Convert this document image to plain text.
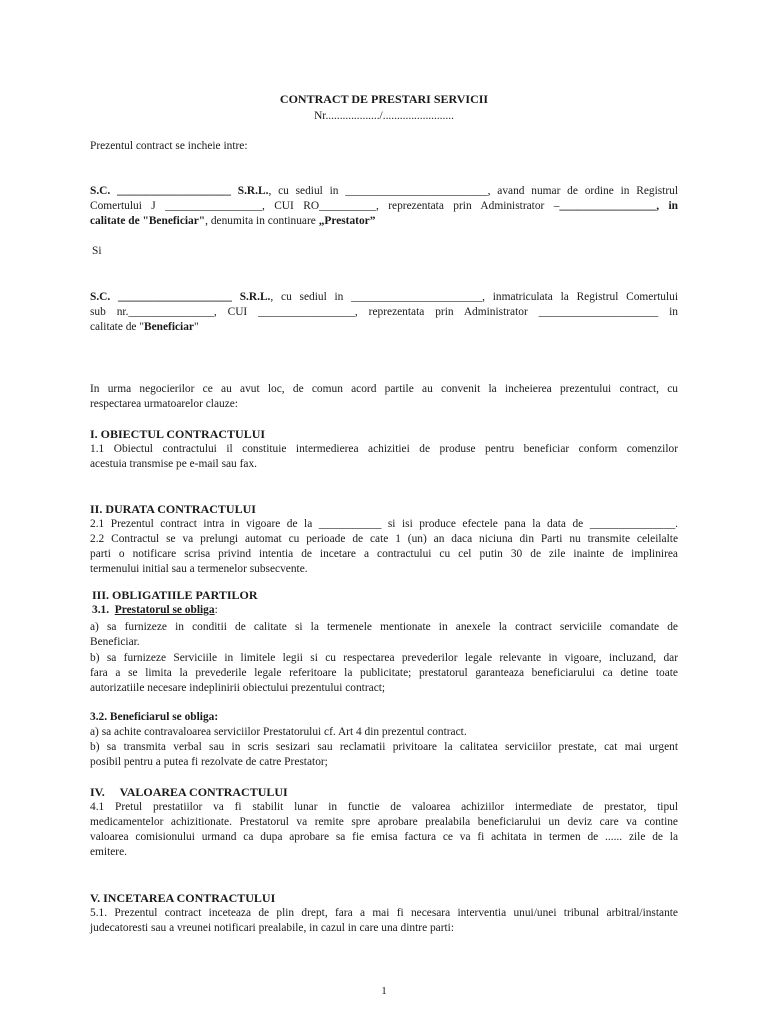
CONTRACT DE PRESTARI SERVICII
Nr.................../.........................
Prezentul contract se incheie intre:
S.C. ____________________ S.R.L., cu sediul in _________________________, avand numar de ordine in Registrul
Comertului J _________________, CUI RO__________, reprezentata prin Administrator –_________________, in
calitate de "Beneficiar", denumita in continuare „Prestator”
Si
S.C. ____________________ S.R.L., cu sediul in _______________________, inmatriculata la Registrul Comertului
sub nr._______________, CUI _________________, reprezentata prin Administrator _____________________ in
calitate de "Beneficiar"
In urma negocierilor ce au avut loc, de comun acord partile au convenit la incheierea prezentului contract, cu
respectarea urmatoarelor clauze:
I. OBIECTUL CONTRACTULUI
1.1 Obiectul contractului il constituie intermedierea achizitiei de produse pentru beneficiar conform comenzilor
acestuia transmise pe e-mail sau fax.
II. DURATA CONTRACTULUI
2.1 Prezentul contract intra in vigoare de la ___________ si isi produce efectele pana la data de _______________.
2.2 Contractul se va prelungi automat cu perioade de cate 1 (un) an daca niciuna din Parti nu transmite celeilalte
parti o notificare scrisa privind intentia de incetare a contractului cu cel putin 30 de zile inainte de implinirea
termenului initial sau a termenelor subsecvente.
III. OBLIGATIILE PARTILOR
3.1. Prestatorul se obliga:
a) sa furnizeze in conditii de calitate si la termenele mentionate in anexele la contract serviciile comandate de
Beneficiar.
b) sa furnizeze Serviciile in limitele legii si cu respectarea prevederilor legale relevante in vigoare, incluzand, dar
fara a se limita la prevederile legale referitoare la publicitate; prestatorul garanteaza beneficiarului ca detine toate
autorizatiile necesare indeplinirii obiectului prezentului contract;
3.2. Beneficiarul se obliga:
a) sa achite contravaloarea serviciilor Prestatorului cf. Art 4 din prezentul contract.
b) sa transmita verbal sau in scris sesizari sau reclamatii privitoare la calitatea serviciilor prestate, cat mai urgent
posibil pentru a putea fi rezolvate de catre Prestator;
IV.     VALOAREA CONTRACTULUI
4.1 Pretul prestatiilor va fi stabilit lunar in functie de valoarea achiziilor intermediate de prestator, tipul
medicamentelor achizitionate. Prestatorul va remite spre aprobare prealabila beneficiarului un deviz care va contine
valoarea comisionului urmand ca dupa aprobare sa fie emisa factura ce va fi achitata in termen de ...... zile de la
emitere.
V. INCETAREA CONTRACTULUI
5.1. Prezentul contract inceteaza de plin drept, fara a mai fi necesara interventia unui/unei tribunal arbitral/instante
judecatoresti sau a vreunei notificari prealabile, in cazul in care una dintre parti:
1
